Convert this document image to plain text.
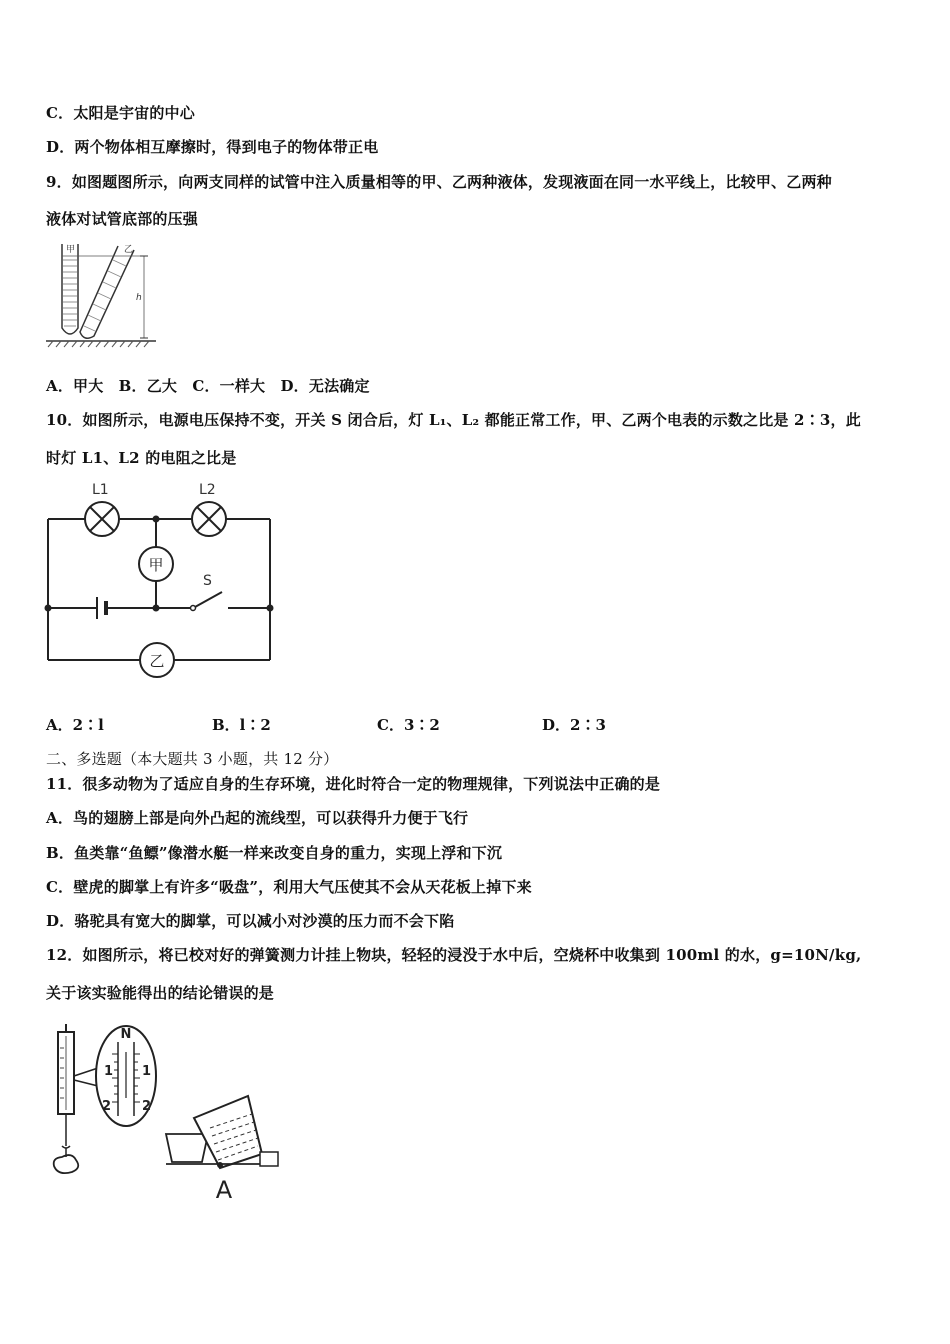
C．太阳是宇宙的中心
D．两个物体相互摩擦时，得到电子的物体带正电
9．如图题图所示，向两支同样的试管中注入质量相等的甲、乙两种液体，发现液面在同一水平线上，比较甲、乙两种
液体对试管底部的压强
甲	乙
h
A．甲大　B．乙大　C．一样大　D．无法确定
10．如图所示，电源电压保持不变，开关 S 闭合后，灯 L₁、L₂ 都能正常工作，甲、乙两个电表的示数之比是 2∶3，此
时灯 L1、L2 的电阻之比是
L1	L2
甲
乙
S
A．2∶l	B．l∶2	C．3∶2	D．2∶3
二、多选题（本大题共 3 小题，共 12 分）
11．很多动物为了适应自身的生存环境，进化时符合一定的物理规律，下列说法中正确的是
A．鸟的翅膀上部是向外凸起的流线型，可以获得升力便于飞行
B．鱼类靠“鱼鳔”像潜水艇一样来改变自身的重力，实现上浮和下沉
C．壁虎的脚掌上有许多“吸盘”，利用大气压使其不会从天花板上掉下来
D．骆驼具有宽大的脚掌，可以减小对沙漠的压力而不会下陷
12．如图所示，将已校对好的弹簧测力计挂上物块，轻轻的浸没于水中后，空烧杯中收集到 100ml 的水，g=10N/kg,
关于该实验能得出的结论错误的是
N
1 1
2 2
A
